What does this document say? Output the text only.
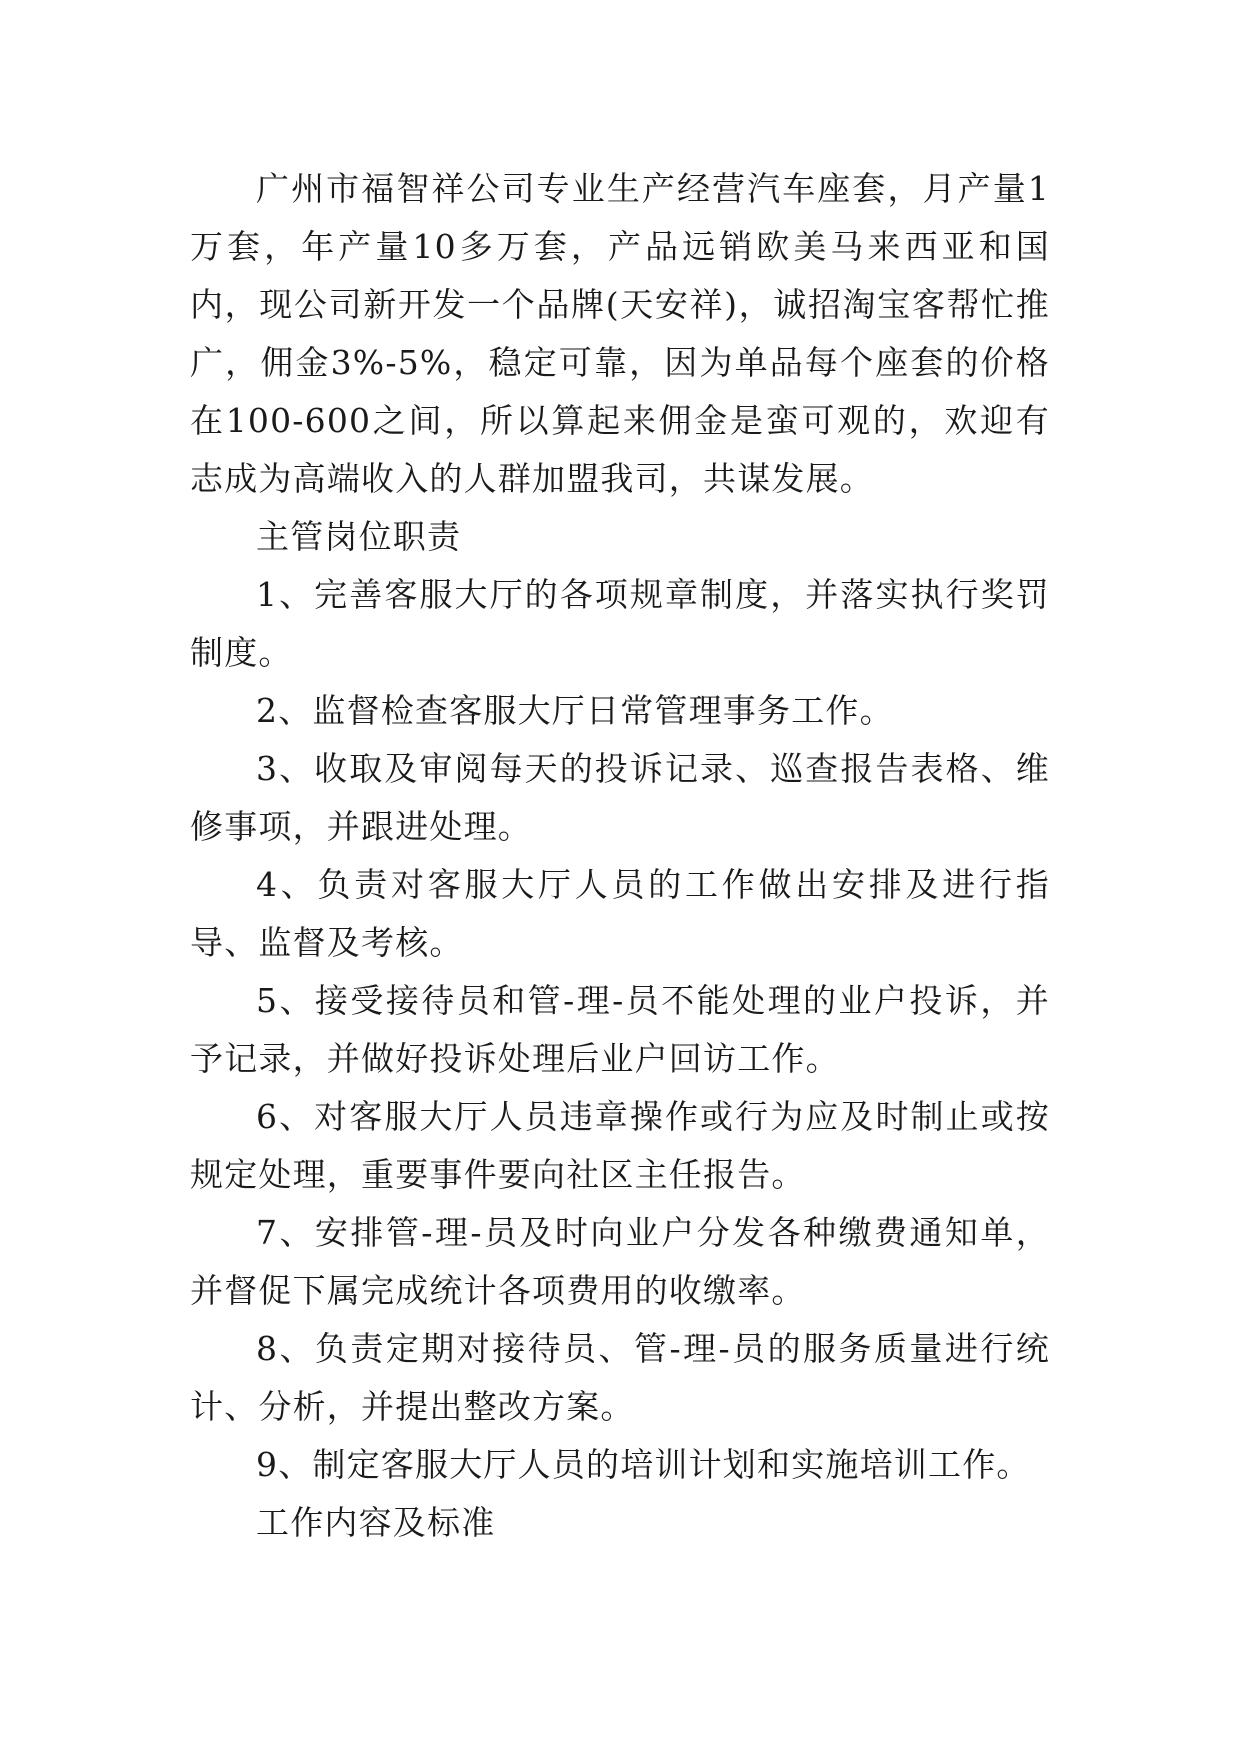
广州市福智祥公司专业生产经营汽车座套，月产量1万套，年产量10多万套，产品远销欧美马来西亚和国内，现公司新开发一个品牌(天安祥)，诚招淘宝客帮忙推广，佣金3%-5%，稳定可靠，因为单品每个座套的价格在100-600之间，所以算起来佣金是蛮可观的，欢迎有志成为高端收入的人群加盟我司，共谋发展。

主管岗位职责

1、完善客服大厅的各项规章制度，并落实执行奖罚制度。

2、监督检查客服大厅日常管理事务工作。

3、收取及审阅每天的投诉记录、巡查报告表格、维修事项，并跟进处理。

4、负责对客服大厅人员的工作做出安排及进行指导、监督及考核。

5、接受接待员和管-理-员不能处理的业户投诉，并予记录，并做好投诉处理后业户回访工作。

6、对客服大厅人员违章操作或行为应及时制止或按规定处理，重要事件要向社区主任报告。

7、安排管-理-员及时向业户分发各种缴费通知单，并督促下属完成统计各项费用的收缴率。

8、负责定期对接待员、管-理-员的服务质量进行统计、分析，并提出整改方案。

9、制定客服大厅人员的培训计划和实施培训工作。

工作内容及标准
